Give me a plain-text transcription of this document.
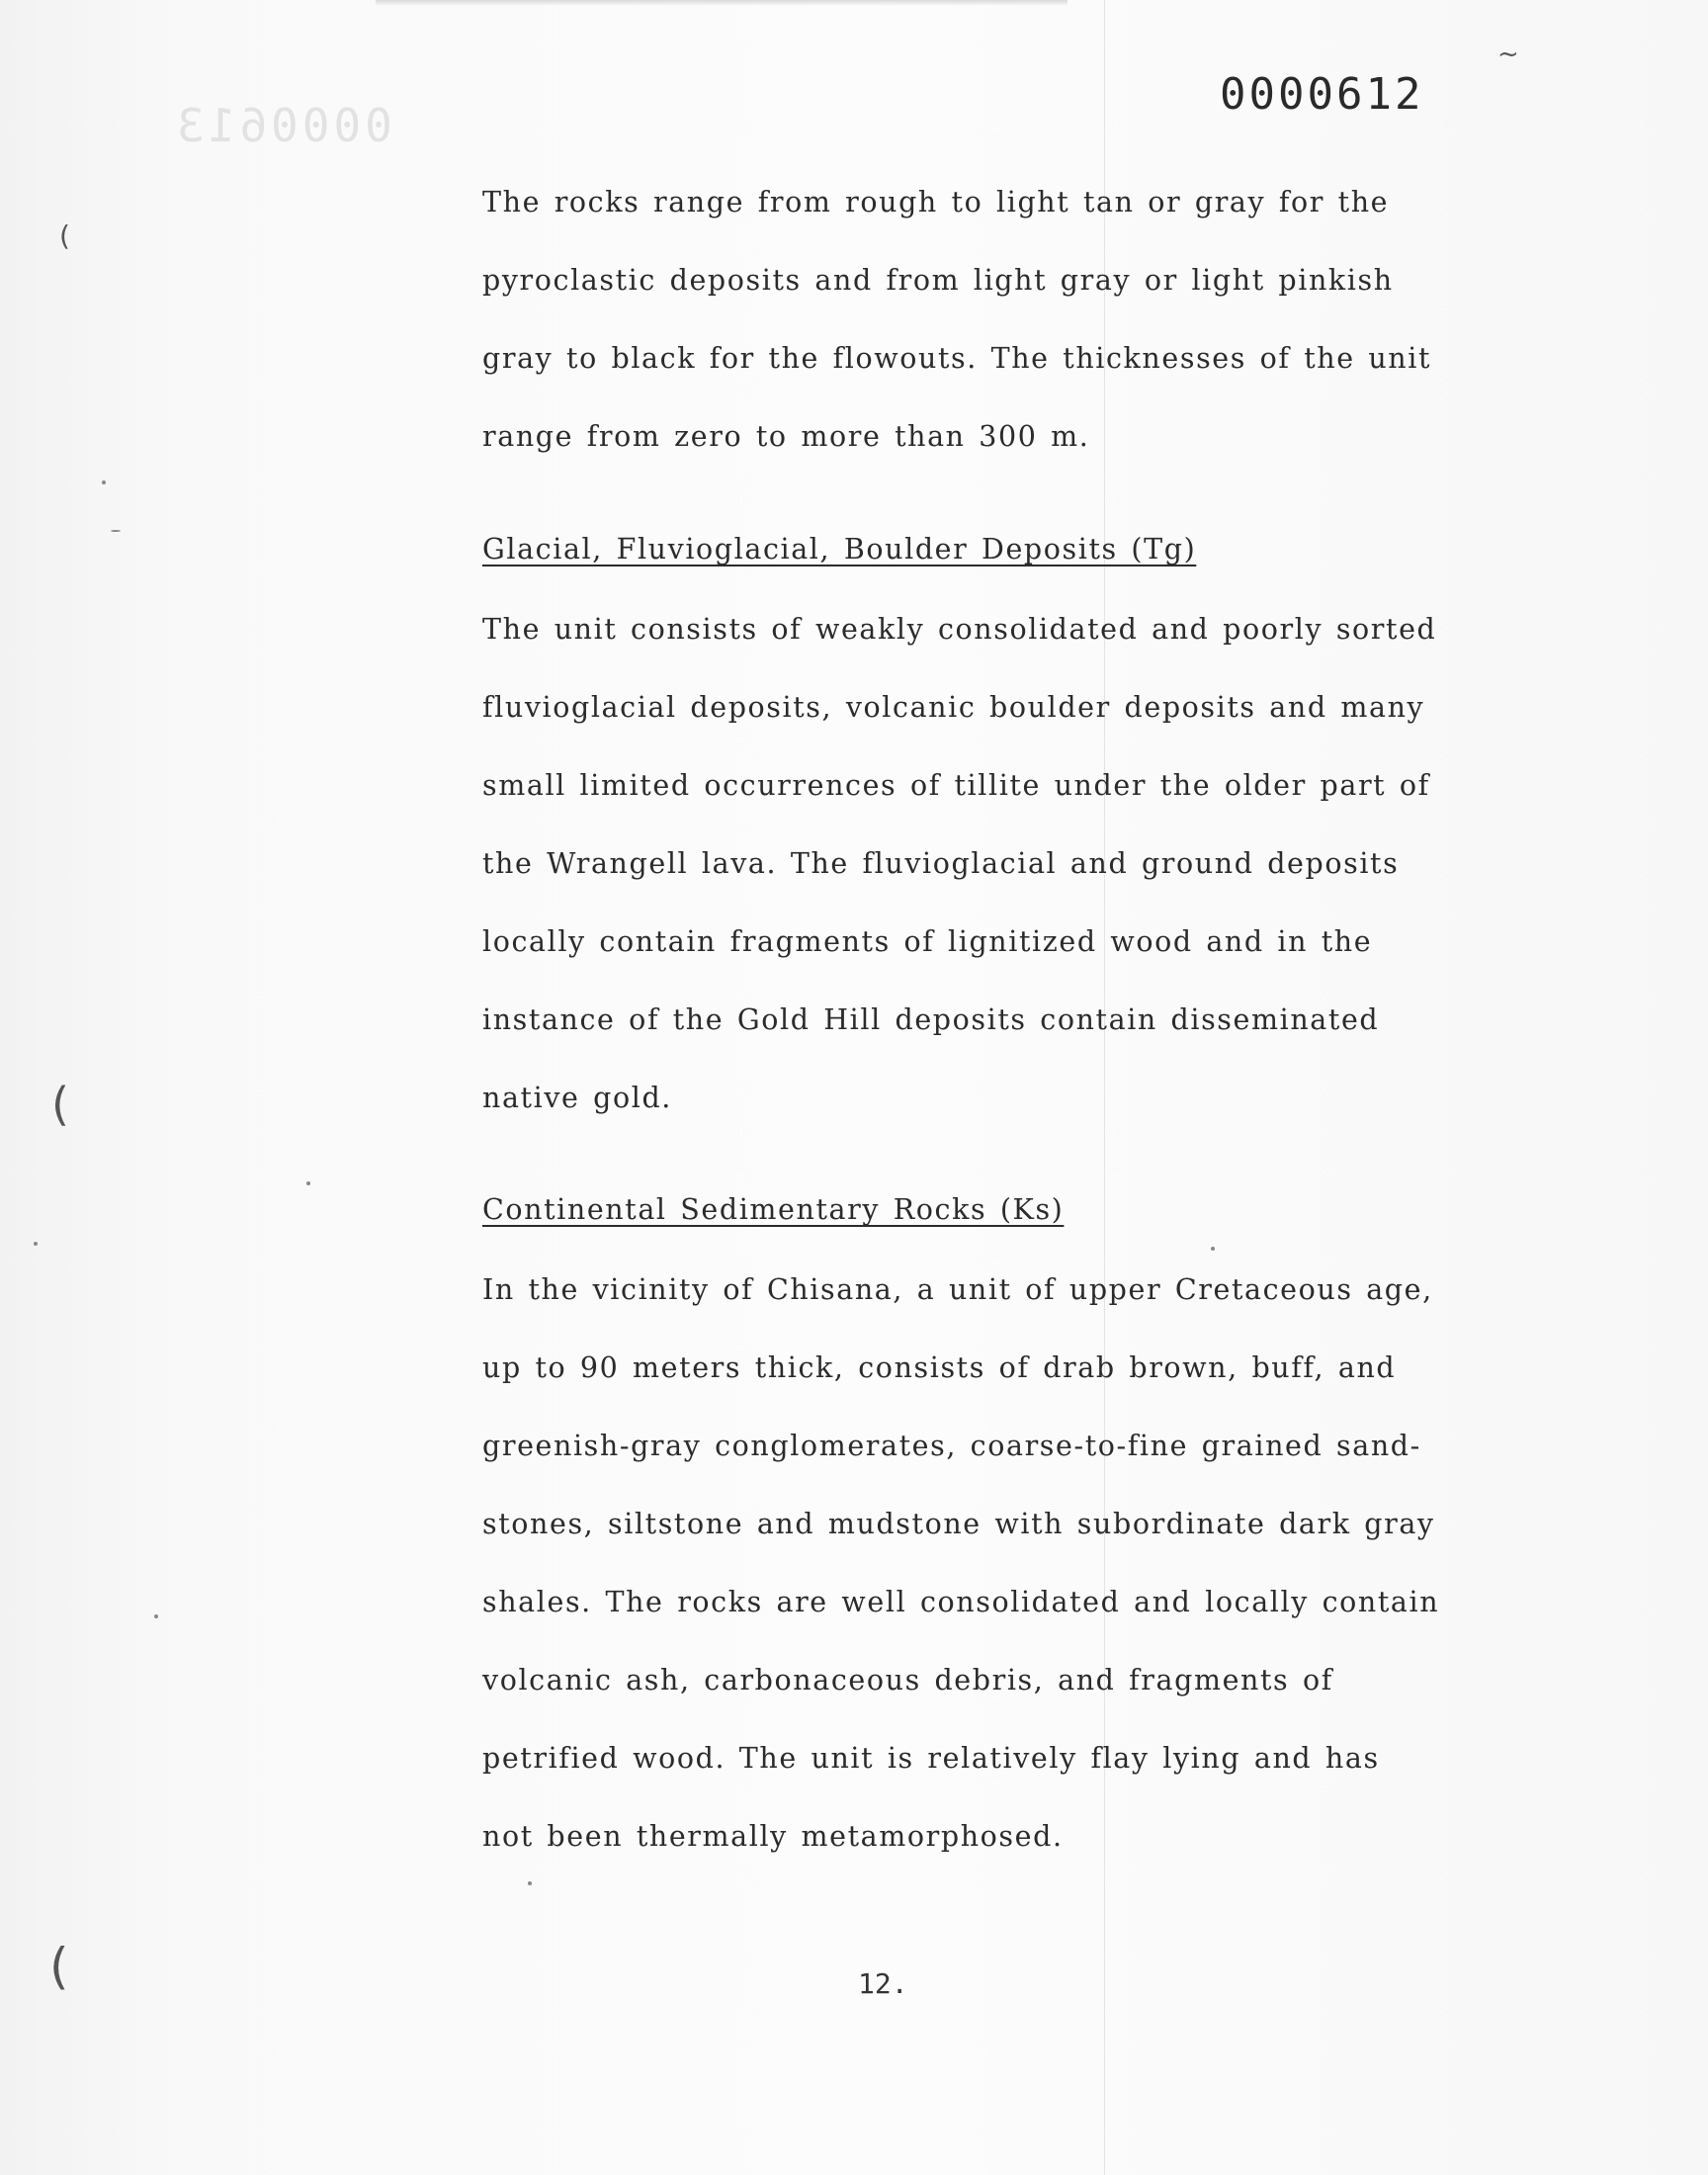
0000613
0000612
(
(
(
~

The rocks range from rough to light tan or gray for the

pyroclastic deposits and from light gray or light pinkish

gray to black for the flowouts. The thicknesses of the unit

range from zero to more than 300 m.

Glacial, Fluvioglacial, Boulder Deposits (Tg)

The unit consists of weakly consolidated and poorly sorted

fluvioglacial deposits, volcanic boulder deposits and many

small limited occurrences of tillite under the older part of

the Wrangell lava. The fluvioglacial and ground deposits

locally contain fragments of lignitized wood and in the

instance of the Gold Hill deposits contain disseminated

native gold.

Continental Sedimentary Rocks (Ks)

In the vicinity of Chisana, a unit of upper Cretaceous age,

up to 90 meters thick, consists of drab brown, buff, and

greenish-gray conglomerates, coarse-to-fine grained sand-

stones, siltstone and mudstone with subordinate dark gray

shales. The rocks are well consolidated and locally contain

volcanic ash, carbonaceous debris, and fragments of

petrified wood. The unit is relatively flay lying and has

not been thermally metamorphosed.

12.
